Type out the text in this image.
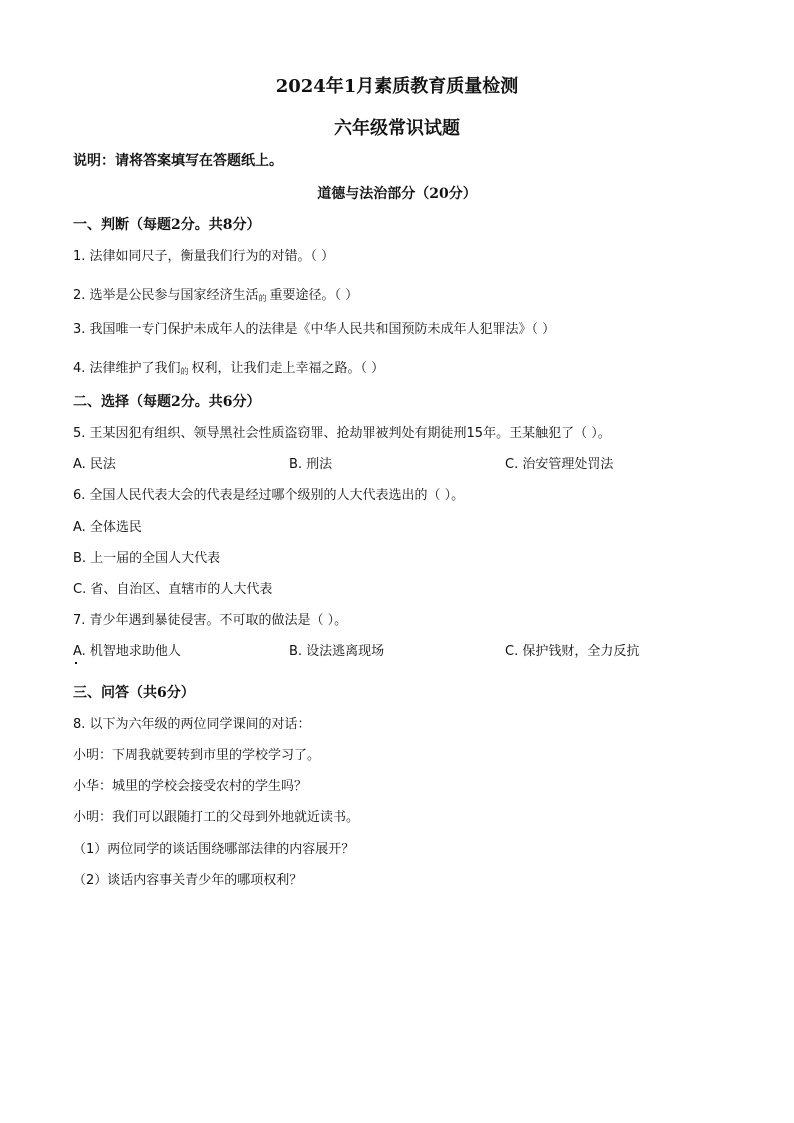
2024年1月素质教育质量检测
六年级常识试题
说明：请将答案填写在答题纸上。
道德与法治部分（20分）
一、判断（每题2分。共8分）
1. 法律如同尺子，衡量我们行为的对错。（ ）
2. 选举是公民参与国家经济生活 的 重要途径。（ ）
3. 我国唯一专门保护未成年人的法律是《中华人民共和国预防未成年人犯罪法》（ ）
4. 法律维护了我们 的 权利，让我们走上幸福之路。（ ）
二、选择（每题2分。共6分）
5. 王某因犯有组织、领导黑社会性质盗窃罪、抢劫罪被判处有期徒刑15年。王某触犯了（ ）。
A. 民法	B. 刑法	C. 治安管理处罚法
6. 全国人民代表大会的代表是经过哪个级别的人大代表选出的（ ）。
A. 全体选民
B. 上一届的全国人大代表
C. 省、自治区、直辖市的人大代表
7. 青少年遇到暴徒侵害。不可取的做法是（ ）。
A. 机智地求助他人	B. 设法逃离现场	C. 保护钱财，全力反抗
三、问答（共6分）
8. 以下为六年级的两位同学课间的对话：
小明：下周我就要转到市里的学校学习了。
小华：城里的学校会接受农村的学生吗？
小明：我们可以跟随打工的父母到外地就近读书。
（1）两位同学的谈话围绕哪部法律的内容展开？
（2）谈话内容事关青少年的哪项权利？
